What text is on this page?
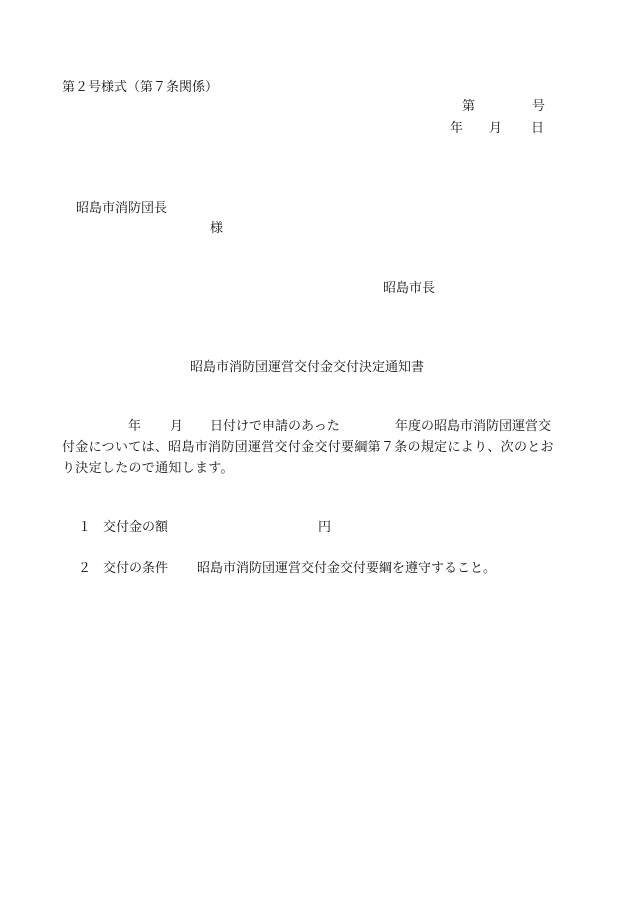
第２号様式（第７条関係）
第	号
年 月 日
昭島市消防団長
様
昭島市長
昭島市消防団運営交付金交付決定通知書
年 月 日付けで申請のあった	年度の昭島市消防団運営交
付金については、昭島市消防団運営交付金交付要綱第７条の規定により、次のとお
り決定したので通知します。
１ 交付金の額	円
２ 交付の条件 昭島市消防団運営交付金交付要綱を遵守すること。
